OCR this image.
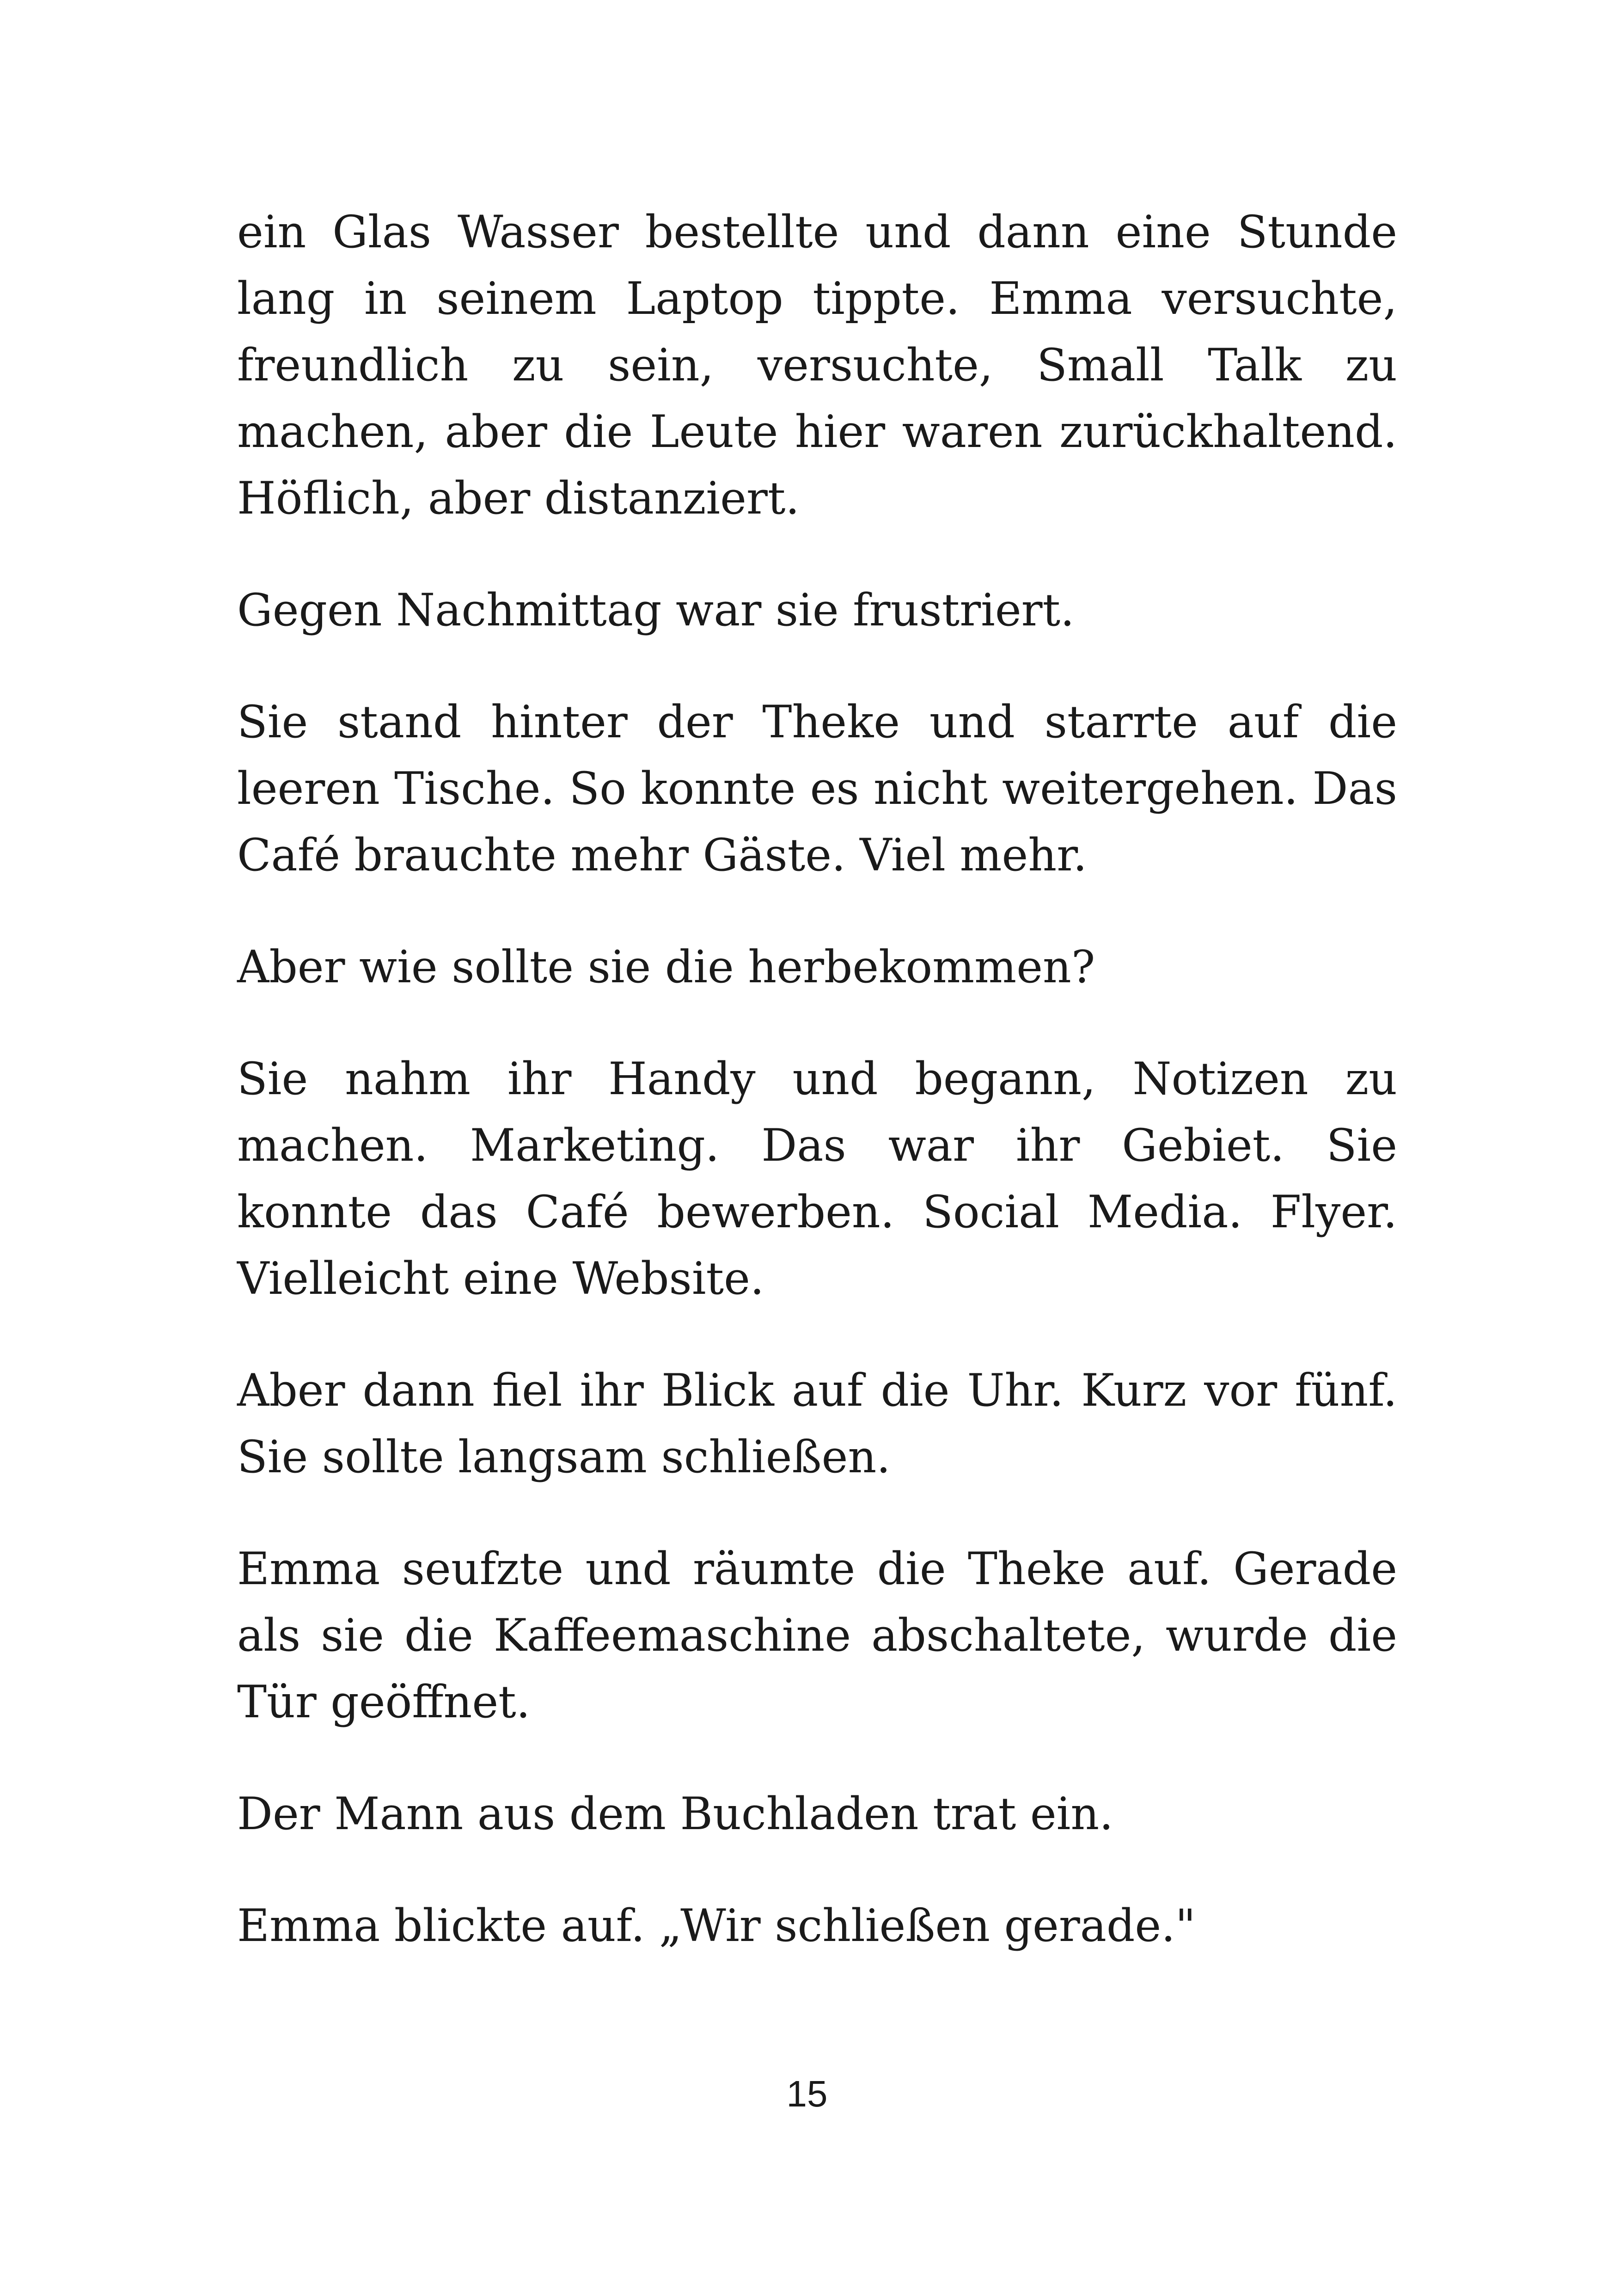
ein Glas Wasser bestellte und dann eine Stunde lang in seinem Laptop tippte. Emma versuchte, freundlich zu sein, versuchte, Small Talk zu machen, aber die Leute hier waren zurückhaltend. Höflich, aber distanziert.

Gegen Nachmittag war sie frustriert.

Sie stand hinter der Theke und starrte auf die leeren Tische. So konnte es nicht weitergehen. Das Café brauchte mehr Gäste. Viel mehr.

Aber wie sollte sie die herbekommen?

Sie nahm ihr Handy und begann, Notizen zu machen. Marketing. Das war ihr Gebiet. Sie konnte das Café bewerben. Social Media. Flyer. Vielleicht eine Website.

Aber dann fiel ihr Blick auf die Uhr. Kurz vor fünf. Sie sollte langsam schließen.

Emma seufzte und räumte die Theke auf. Gerade als sie die Kaffeemaschine abschaltete, wurde die Tür geöffnet.

Der Mann aus dem Buchladen trat ein.

Emma blickte auf. „Wir schließen gerade."

15
